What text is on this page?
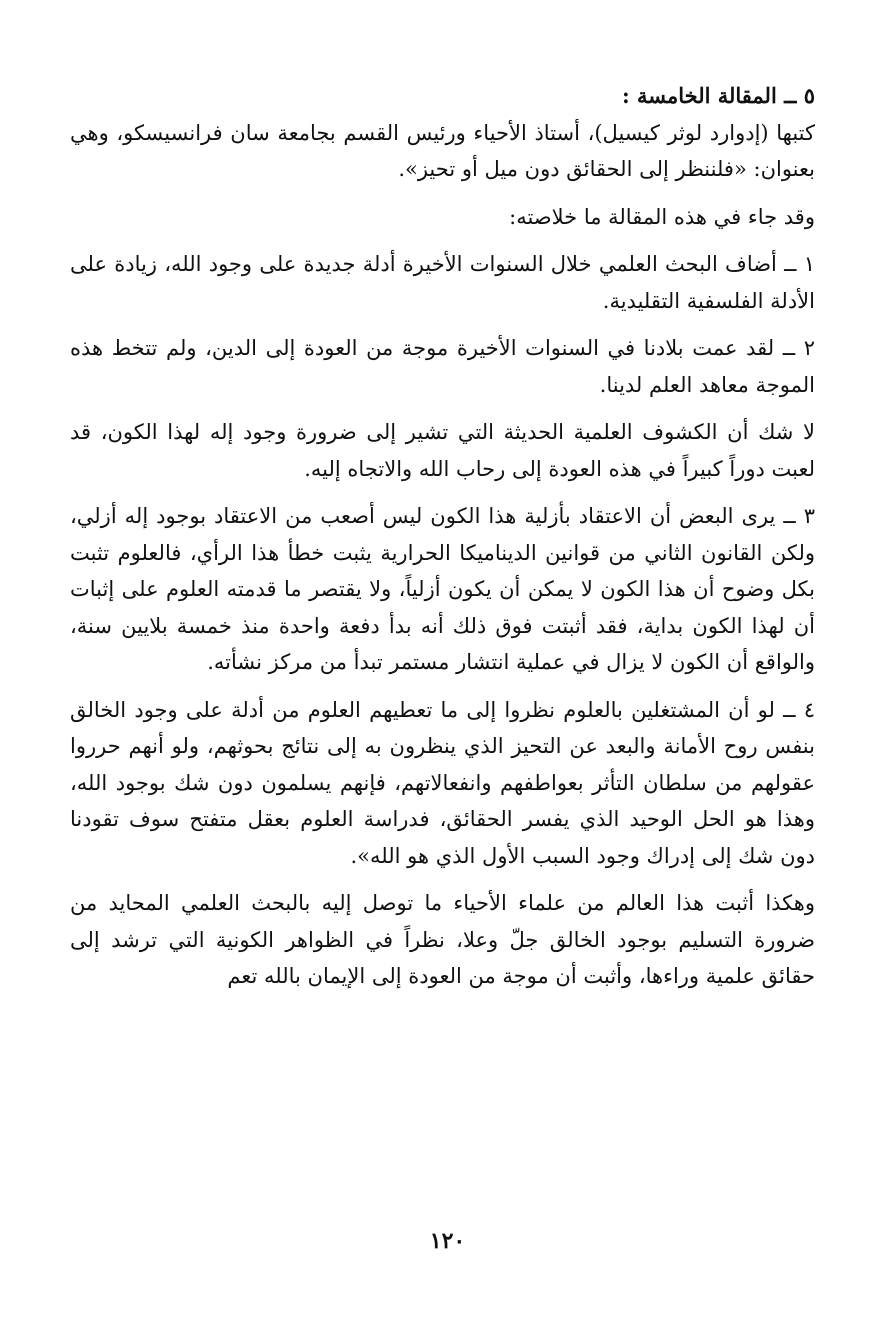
٥ ــ المقالة الخامسة :

كتبها (إدوارد لوثر كيسيل)، أستاذ الأحياء ورئيس القسم بجامعة سان فرانسيسكو، وهي بعنوان: «فلننظر إلى الحقائق دون ميل أو تحيز».

وقد جاء في هذه المقالة ما خلاصته:

١ ــ أضاف البحث العلمي خلال السنوات الأخيرة أدلة جديدة على وجود الله، زيادة على الأدلة الفلسفية التقليدية.

٢ ــ لقد عمت بلادنا في السنوات الأخيرة موجة من العودة إلى الدين، ولم تتخط هذه الموجة معاهد العلم لدينا.

لا شك أن الكشوف العلمية الحديثة التي تشير إلى ضرورة وجود إله لهذا الكون، قد لعبت دوراً كبيراً في هذه العودة إلى رحاب الله والاتجاه إليه.

٣ ــ يرى البعض أن الاعتقاد بأزلية هذا الكون ليس أصعب من الاعتقاد بوجود إله أزلي، ولكن القانون الثاني من قوانين الديناميكا الحرارية يثبت خطأ هذا الرأي، فالعلوم تثبت بكل وضوح أن هذا الكون لا يمكن أن يكون أزلياً، ولا يقتصر ما قدمته العلوم على إثبات أن لهذا الكون بداية، فقد أثبتت فوق ذلك أنه بدأ دفعة واحدة منذ خمسة بلايين سنة، والواقع أن الكون لا يزال في عملية انتشار مستمر تبدأ من مركز نشأته.

٤ ــ لو أن المشتغلين بالعلوم نظروا إلى ما تعطيهم العلوم من أدلة على وجود الخالق بنفس روح الأمانة والبعد عن التحيز الذي ينظرون به إلى نتائج بحوثهم، ولو أنهم حرروا عقولهم من سلطان التأثر بعواطفهم وانفعالاتهم، فإنهم يسلمون دون شك بوجود الله، وهذا هو الحل الوحيد الذي يفسر الحقائق، فدراسة العلوم بعقل متفتح سوف تقودنا دون شك إلى إدراك وجود السبب الأول الذي هو الله».

وهكذا أثبت هذا العالم من علماء الأحياء ما توصل إليه بالبحث العلمي المحايد من ضرورة التسليم بوجود الخالق جلّ وعلا، نظراً في الظواهر الكونية التي ترشد إلى حقائق علمية وراءها، وأثبت أن موجة من العودة إلى الإيمان بالله تعم

١٢٠
